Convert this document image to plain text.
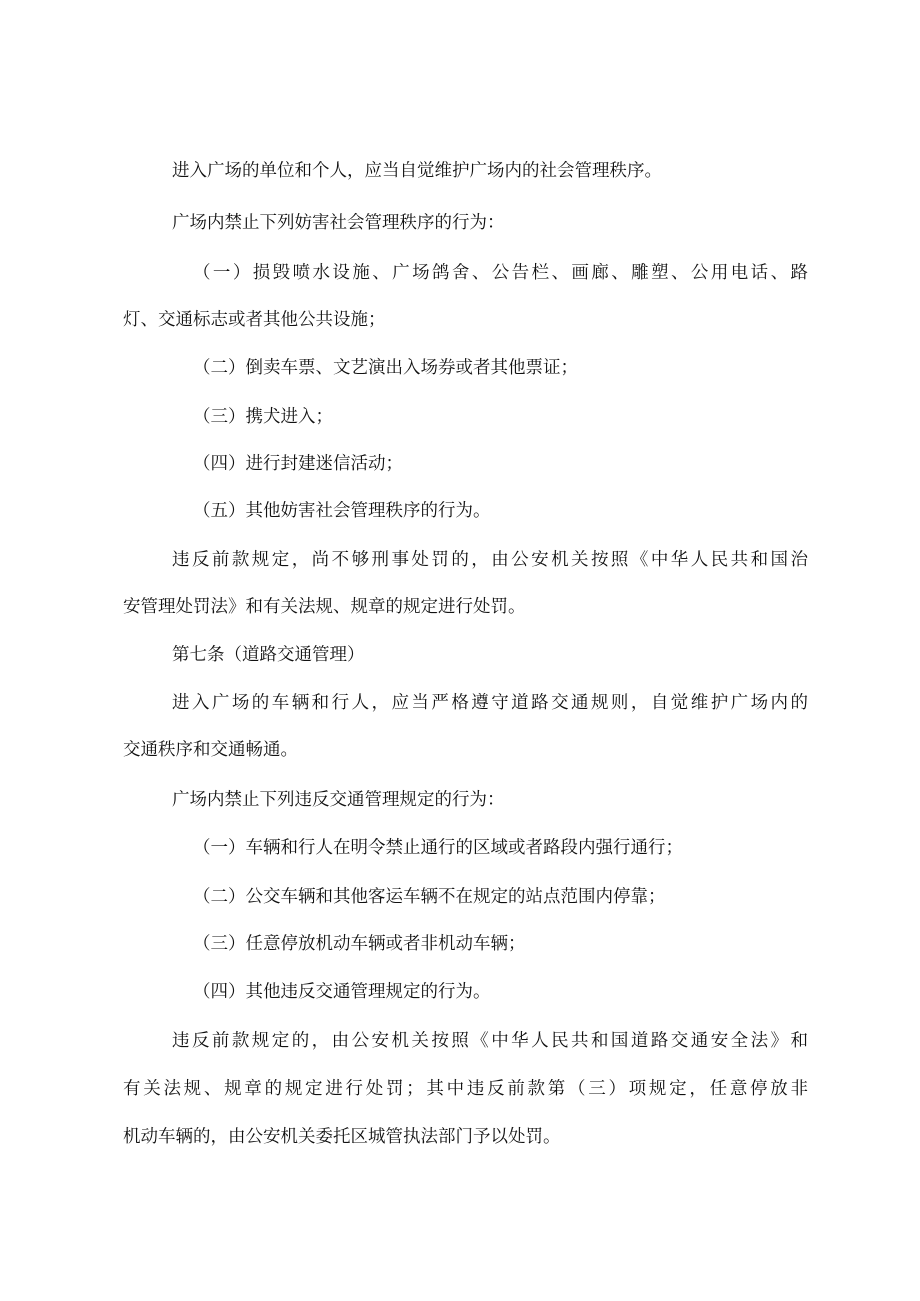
进入广场的单位和个人，应当自觉维护广场内的社会管理秩序。
广场内禁止下列妨害社会管理秩序的行为：
（一）损毁喷水设施、广场鸽舍、公告栏、画廊、雕塑、公用电话、路
灯、交通标志或者其他公共设施；
（二）倒卖车票、文艺演出入场券或者其他票证；
（三）携犬进入；
（四）进行封建迷信活动；
（五）其他妨害社会管理秩序的行为。
违反前款规定，尚不够刑事处罚的，由公安机关按照《中华人民共和国治
安管理处罚法》和有关法规、规章的规定进行处罚。
第七条（道路交通管理）
进入广场的车辆和行人，应当严格遵守道路交通规则，自觉维护广场内的
交通秩序和交通畅通。
广场内禁止下列违反交通管理规定的行为：
（一）车辆和行人在明令禁止通行的区域或者路段内强行通行；
（二）公交车辆和其他客运车辆不在规定的站点范围内停靠；
（三）任意停放机动车辆或者非机动车辆；
（四）其他违反交通管理规定的行为。
违反前款规定的，由公安机关按照《中华人民共和国道路交通安全法》和
有关法规、规章的规定进行处罚；其中违反前款第（三）项规定，任意停放非
机动车辆的，由公安机关委托区城管执法部门予以处罚。
